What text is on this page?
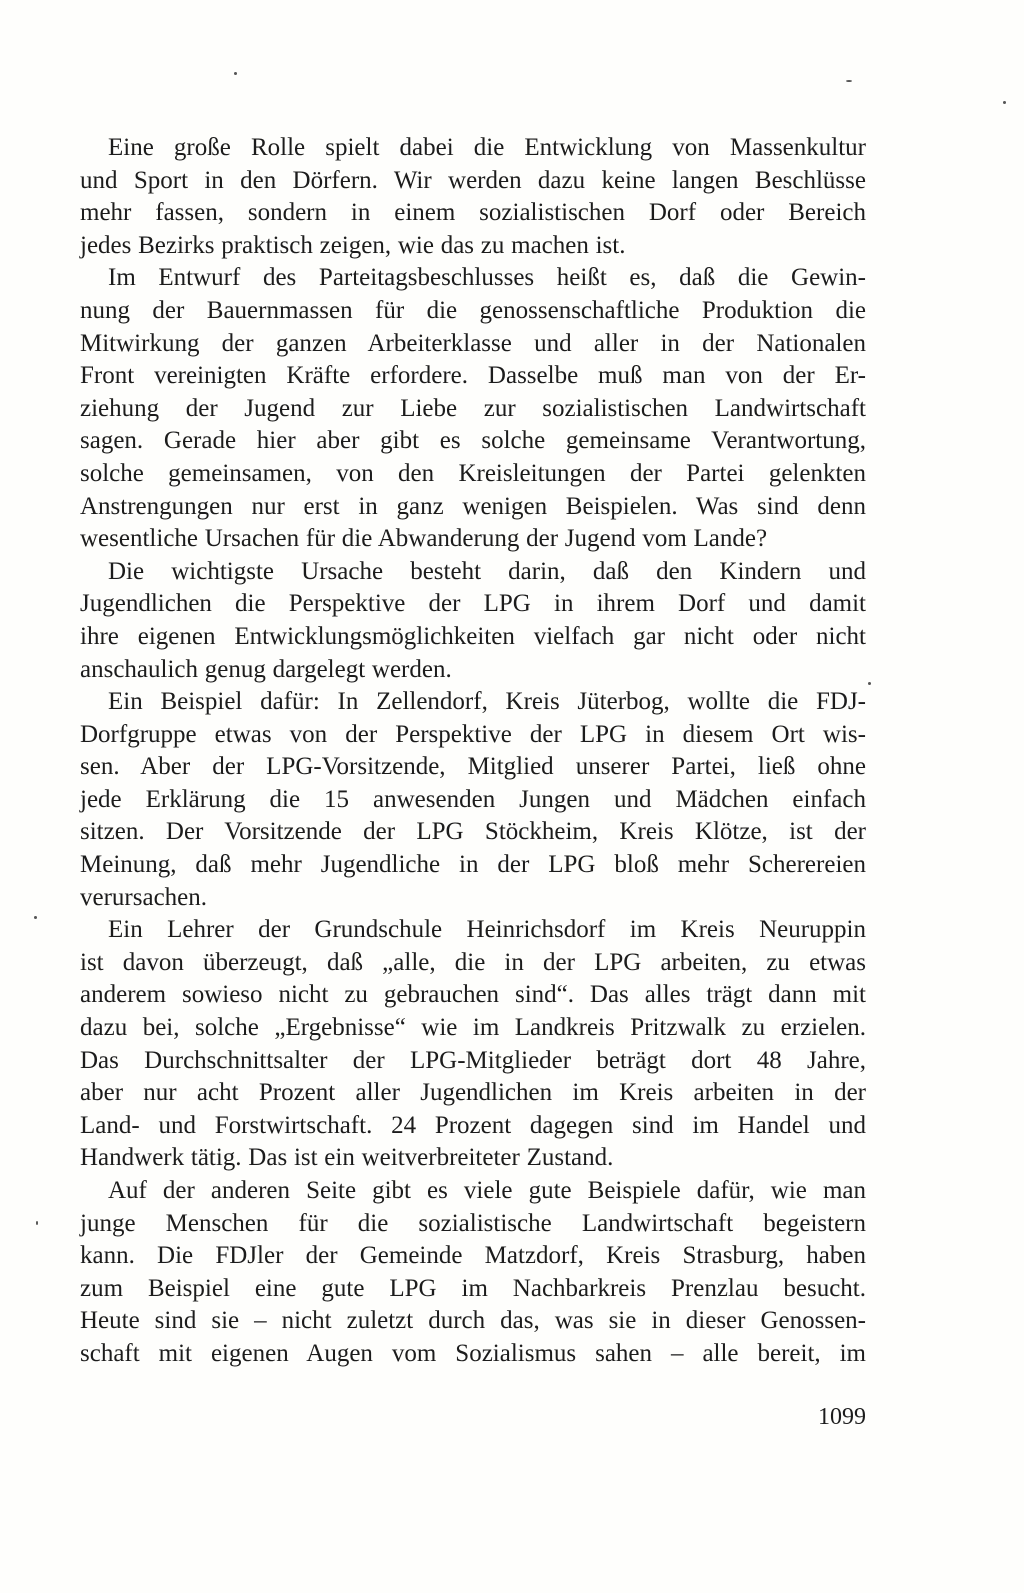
Eine große Rolle spielt dabei die Entwicklung von Massenkultur
und Sport in den Dörfern. Wir werden dazu keine langen Beschlüsse
mehr fassen, sondern in einem sozialistischen Dorf oder Bereich
jedes Bezirks praktisch zeigen, wie das zu machen ist.
Im Entwurf des Parteitagsbeschlusses heißt es, daß die Gewin-
nung der Bauernmassen für die genossenschaftliche Produktion die
Mitwirkung der ganzen Arbeiterklasse und aller in der Nationalen
Front vereinigten Kräfte erfordere. Dasselbe muß man von der Er-
ziehung der Jugend zur Liebe zur sozialistischen Landwirtschaft
sagen. Gerade hier aber gibt es solche gemeinsame Verantwortung,
solche gemeinsamen, von den Kreisleitungen der Partei gelenkten
Anstrengungen nur erst in ganz wenigen Beispielen. Was sind denn
wesentliche Ursachen für die Abwanderung der Jugend vom Lande?
Die wichtigste Ursache besteht darin, daß den Kindern und
Jugendlichen die Perspektive der LPG in ihrem Dorf und damit
ihre eigenen Entwicklungsmöglichkeiten vielfach gar nicht oder nicht
anschaulich genug dargelegt werden.
Ein Beispiel dafür: In Zellendorf, Kreis Jüterbog, wollte die FDJ-
Dorfgruppe etwas von der Perspektive der LPG in diesem Ort wis-
sen. Aber der LPG-Vorsitzende, Mitglied unserer Partei, ließ ohne
jede Erklärung die 15 anwesenden Jungen und Mädchen einfach
sitzen. Der Vorsitzende der LPG Stöckheim, Kreis Klötze, ist der
Meinung, daß mehr Jugendliche in der LPG bloß mehr Scherereien
verursachen.
Ein Lehrer der Grundschule Heinrichsdorf im Kreis Neuruppin
ist davon überzeugt, daß „alle, die in der LPG arbeiten, zu etwas
anderem sowieso nicht zu gebrauchen sind“. Das alles trägt dann mit
dazu bei, solche „Ergebnisse“ wie im Landkreis Pritzwalk zu erzielen.
Das Durchschnittsalter der LPG-Mitglieder beträgt dort 48 Jahre,
aber nur acht Prozent aller Jugendlichen im Kreis arbeiten in der
Land- und Forstwirtschaft. 24 Prozent dagegen sind im Handel und
Handwerk tätig. Das ist ein weitverbreiteter Zustand.
Auf der anderen Seite gibt es viele gute Beispiele dafür, wie man
junge Menschen für die sozialistische Landwirtschaft begeistern
kann. Die FDJler der Gemeinde Matzdorf, Kreis Strasburg, haben
zum Beispiel eine gute LPG im Nachbarkreis Prenzlau besucht.
Heute sind sie – nicht zuletzt durch das, was sie in dieser Genossen-
schaft mit eigenen Augen vom Sozialismus sahen – alle bereit, im
1099
